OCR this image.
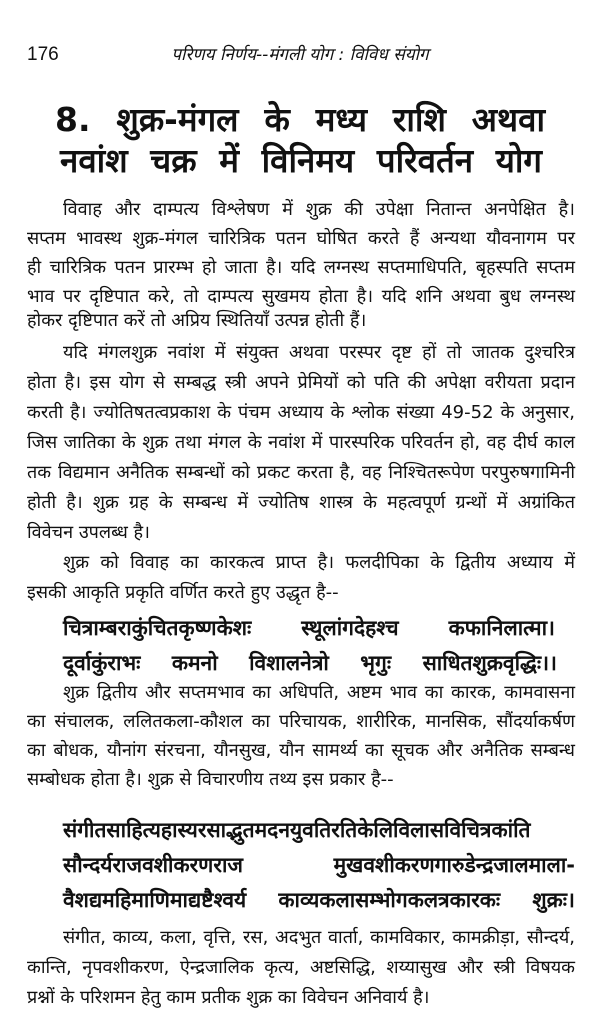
176	परिणय निर्णय--मंगली योग : विविध संयोग
8. शुक्र-मंगल के मध्य राशि अथवा
नवांश चक्र में विनिमय परिवर्तन योग
विवाह और दाम्पत्य विश्लेषण में शुक्र की उपेक्षा नितान्त अनपेक्षित है।
सप्तम भावस्थ शुक्र-मंगल चारित्रिक पतन घोषित करते हैं अन्यथा यौवनागम पर
ही चारित्रिक पतन प्रारम्भ हो जाता है। यदि लग्नस्थ सप्तमाधिपति, बृहस्पति सप्तम
भाव पर दृष्टिपात करे, तो दाम्पत्य सुखमय होता है। यदि शनि अथवा बुध लग्नस्थ
होकर दृष्टिपात करें तो अप्रिय स्थितियाँ उत्पन्न होती हैं।
यदि मंगलशुक्र नवांश में संयुक्त अथवा परस्पर दृष्ट हों तो जातक दुश्चरित्र
होता है। इस योग से सम्बद्ध स्त्री अपने प्रेमियों को पति की अपेक्षा वरीयता प्रदान
करती है। ज्योतिषतत्वप्रकाश के पंचम अध्याय के श्लोक संख्या 49-52 के अनुसार,
जिस जातिका के शुक्र तथा मंगल के नवांश में पारस्परिक परिवर्तन हो, वह दीर्घ काल
तक विद्यमान अनैतिक सम्बन्धों को प्रकट करता है, वह निश्चितरूपेण परपुरुषगामिनी
होती है। शुक्र ग्रह के सम्बन्ध में ज्योतिष शास्त्र के महत्वपूर्ण ग्रन्थों में अग्रांकित
विवेचन उपलब्ध है।
शुक्र को विवाह का कारकत्व प्राप्त है। फलदीपिका के द्वितीय अध्याय में
इसकी आकृति प्रकृति वर्णित करते हुए उद्धृत है--
चित्राम्बराकुंचितकृष्णकेशः स्थूलांगदेहश्च कफानिलात्मा।
दूर्वाकुंराभः कमनो विशालनेत्रो भृगुः साधितशुक्रवृद्धिः।।
शुक्र द्वितीय और सप्तमभाव का अधिपति, अष्टम भाव का कारक, कामवासना
का संचालक, ललितकला-कौशल का परिचायक, शारीरिक, मानसिक, सौंदर्याकर्षण
का बोधक, यौनांग संरचना, यौनसुख, यौन सामर्थ्य का सूचक और अनैतिक सम्बन्ध
सम्बोधक होता है। शुक्र से विचारणीय तथ्य इस प्रकार है--
संगीतसाहित्यहास्यरसाद्भुतमदनयुवतिरतिकेलिविलासविचित्रकांति
सौन्दर्यराजवशीकरणराज मुखवशीकरणगारुडेन्द्रजालमाला-
वैशद्यमहिमाणिमाद्यष्टैश्वर्य काव्यकलासम्भोगकलत्रकारकः शुक्रः।
संगीत, काव्य, कला, वृत्ति, रस, अदभुत वार्ता, कामविकार, कामक्रीड़ा, सौन्दर्य,
कान्ति, नृपवशीकरण, ऐन्द्रजालिक कृत्य, अष्टसिद्धि, शय्यासुख और स्त्री विषयक
प्रश्नों के परिशमन हेतु काम प्रतीक शुक्र का विवेचन अनिवार्य है।
